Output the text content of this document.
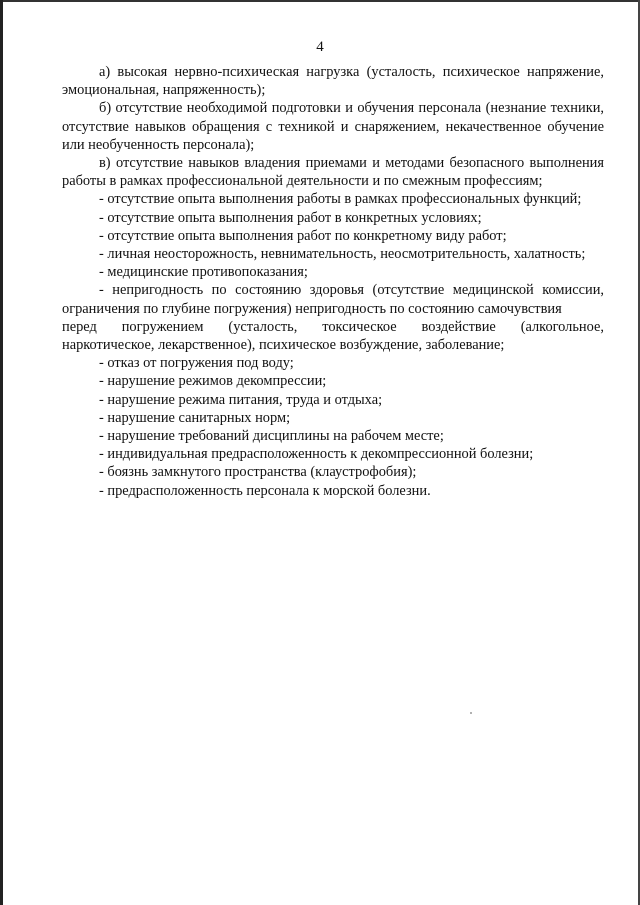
4

а) высокая нервно-психическая нагрузка (усталость, психическое напряжение, эмоциональная, напряженность);

б) отсутствие необходимой подготовки и обучения персонала (незнание техники, отсутствие навыков обращения с техникой и снаряжением, некачественное обучение или необученность персонала);

в) отсутствие навыков владения приемами и методами безопасного выполнения работы в рамках профессиональной деятельности и по смежным профессиям;

- отсутствие опыта выполнения работы в рамках профессиональных функций;

- отсутствие опыта выполнения работ в конкретных условиях;

- отсутствие опыта выполнения работ по конкретному виду работ;

- личная неосторожность, невнимательность, неосмотрительность, халатность;

- медицинские противопоказания;

- непригодность по состоянию здоровья (отсутствие медицинской комиссии, ограничения по глубине погружения) непригодность по состоянию самочувствия

перед погружением (усталость, токсическое воздействие (алкогольное,

наркотическое, лекарственное), психическое возбуждение, заболевание;

- отказ от погружения под воду;

- нарушение режимов декомпрессии;

- нарушение режима питания, труда и отдыха;

- нарушение санитарных норм;

- нарушение требований дисциплины на рабочем месте;

- индивидуальная предрасположенность к декомпрессионной болезни;

- боязнь замкнутого пространства (клаустрофобия);

- предрасположенность персонала к морской болезни.
